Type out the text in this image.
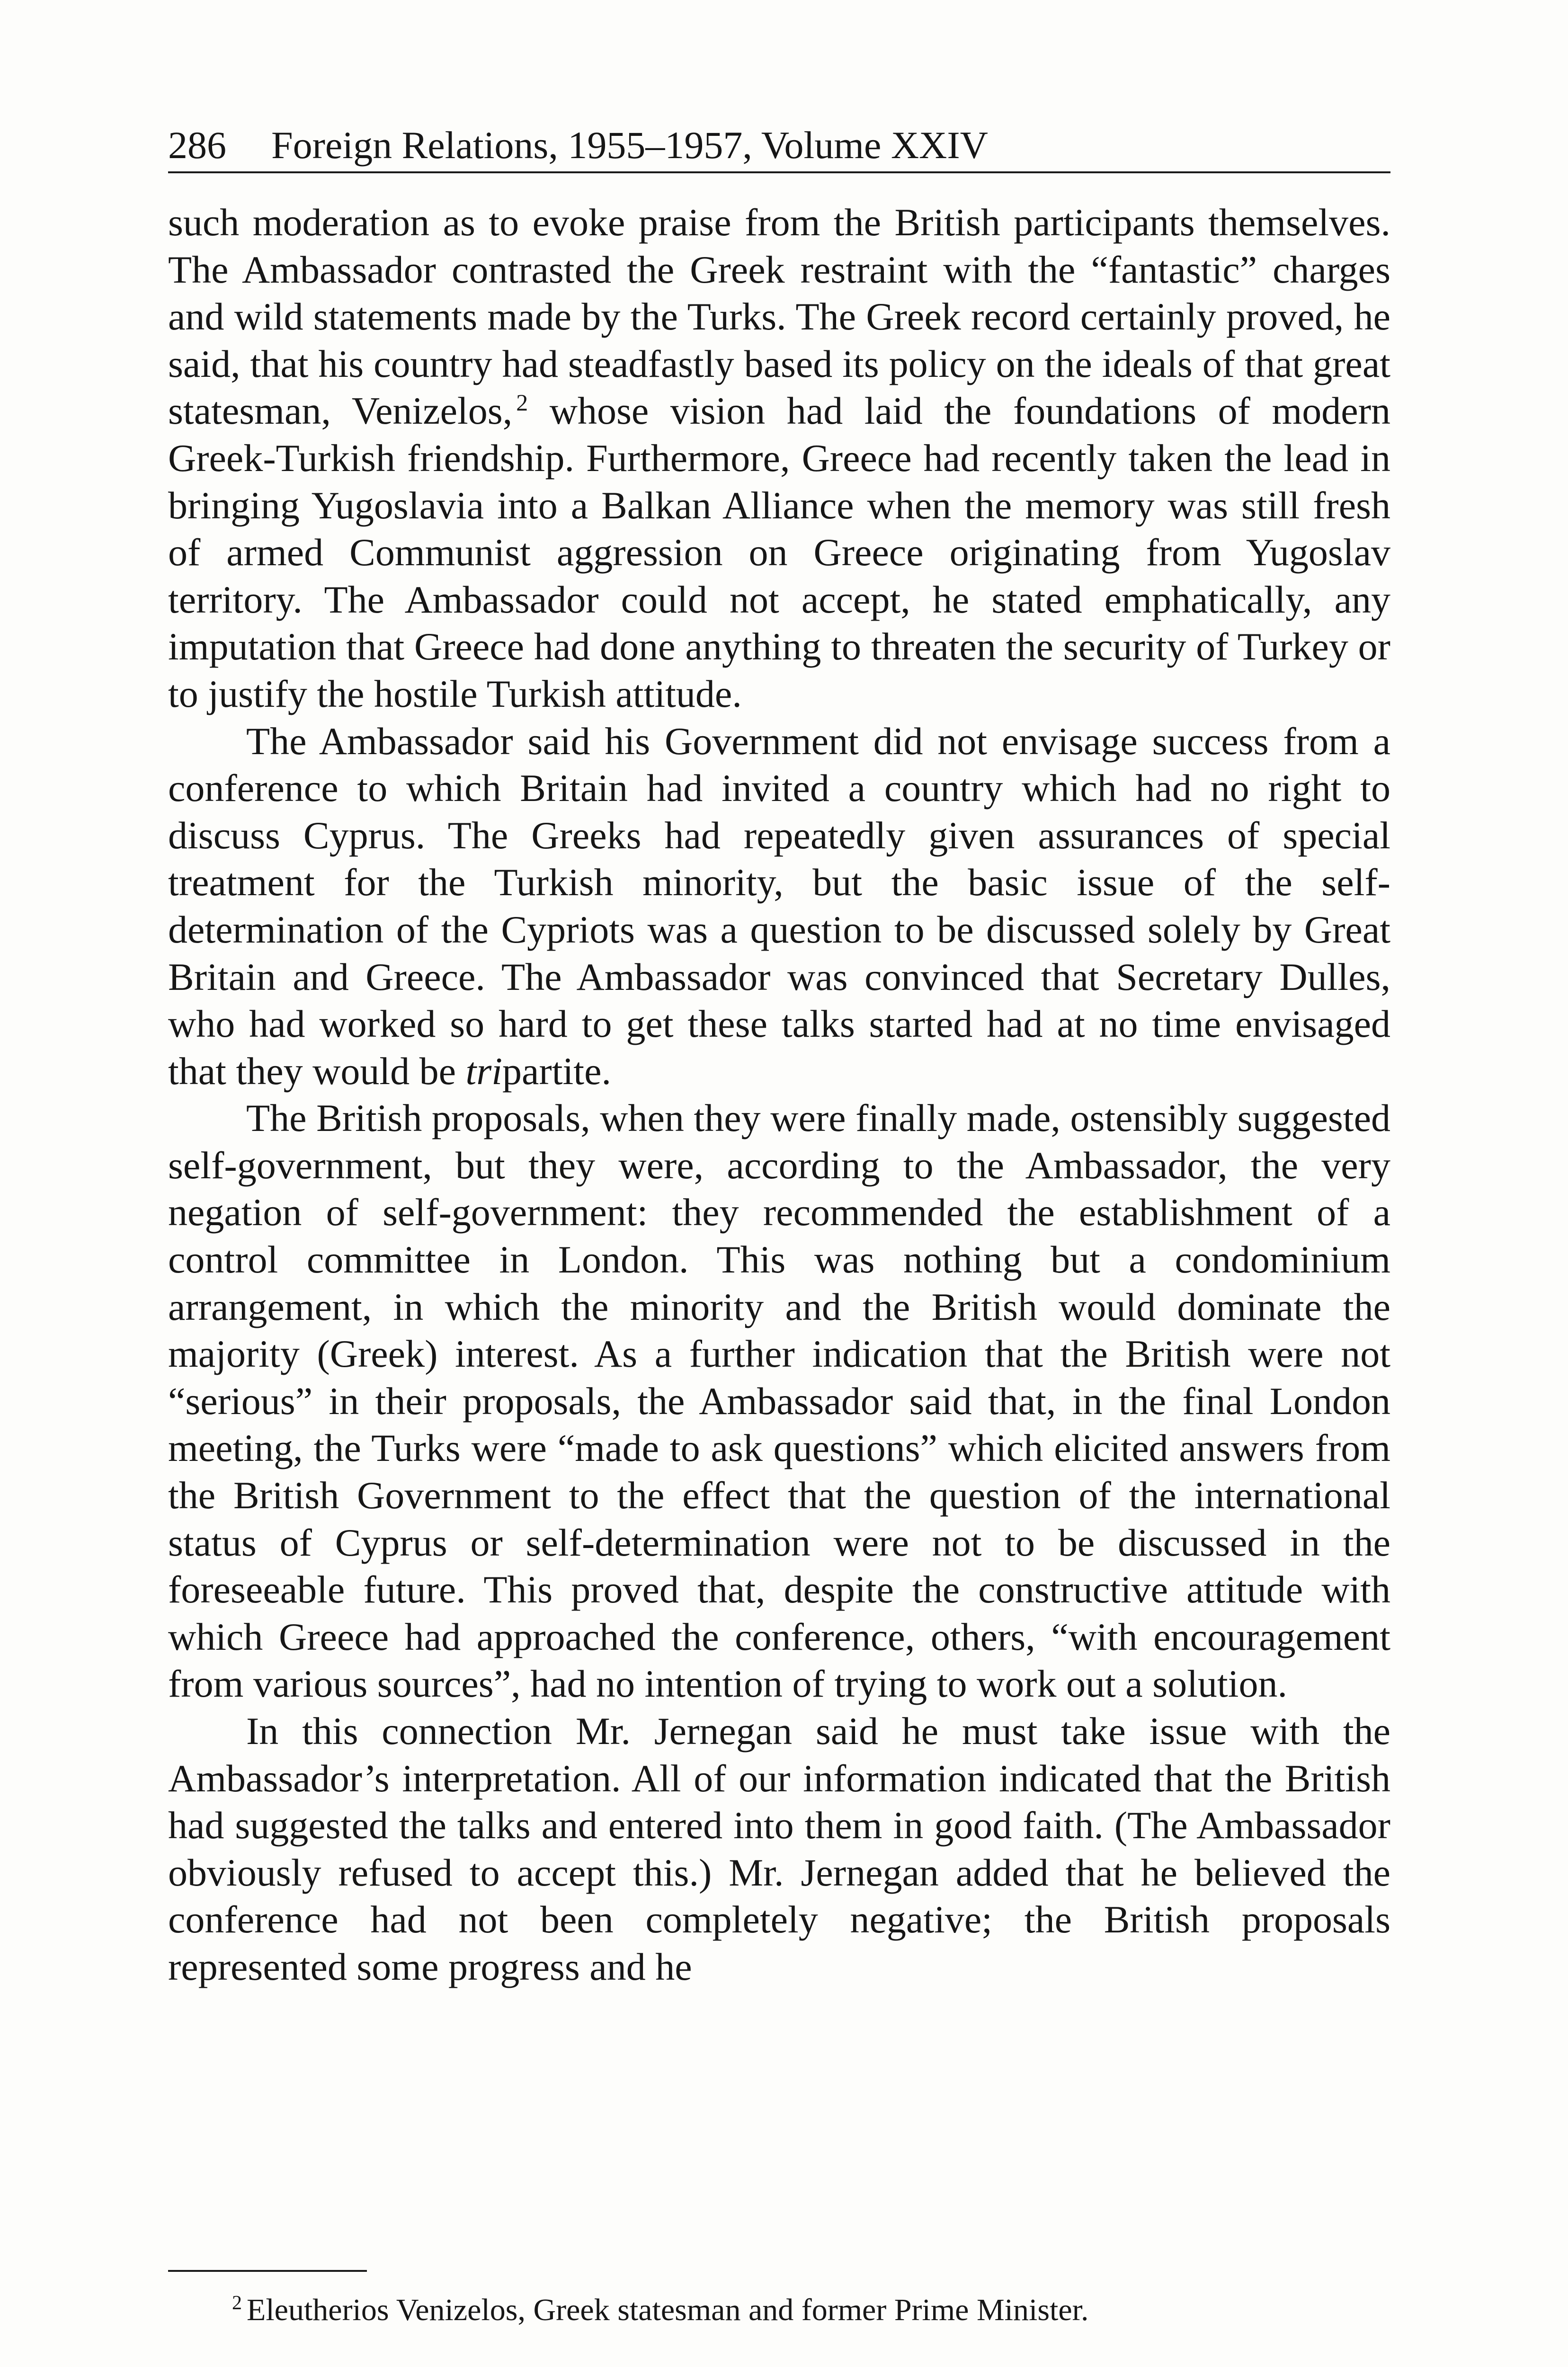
286 Foreign Relations, 1955–1957, Volume XXIV

such moderation as to evoke praise from the British participants themselves. The Ambassador contrasted the Greek restraint with the “fantastic” charges and wild statements made by the Turks. The Greek record certainly proved, he said, that his country had steadfastly based its policy on the ideals of that great statesman, Venizelos, $^2$ whose vision had laid the foundations of modern Greek-Turkish friendship. Furthermore, Greece had recently taken the lead in bringing Yugoslavia into a Balkan Alliance when the memory was still fresh of armed Communist aggression on Greece originating from Yugoslav territory. The Ambassador could not accept, he stated emphatically, any imputation that Greece had done anything to threaten the security of Turkey or to justify the hostile Turkish attitude.

The Ambassador said his Government did not envisage success from a conference to which Britain had invited a country which had no right to discuss Cyprus. The Greeks had repeatedly given assurances of special treatment for the Turkish minority, but the basic issue of the self-determination of the Cypriots was a question to be discussed solely by Great Britain and Greece. The Ambassador was convinced that Secretary Dulles, who had worked so hard to get these talks started had at no time envisaged that they would be tripartite.

The British proposals, when they were finally made, ostensibly suggested self-government, but they were, according to the Ambassador, the very negation of self-government: they recommended the establishment of a control committee in London. This was nothing but a condominium arrangement, in which the minority and the British would dominate the majority (Greek) interest. As a further indication that the British were not “serious” in their proposals, the Ambassador said that, in the final London meeting, the Turks were “made to ask questions” which elicited answers from the British Government to the effect that the question of the international status of Cyprus or self-determination were not to be discussed in the foreseeable future. This proved that, despite the constructive attitude with which Greece had approached the conference, others, “with encouragement from various sources”, had no intention of trying to work out a solution.

In this connection Mr. Jernegan said he must take issue with the Ambassador’s interpretation. All of our information indicated that the British had suggested the talks and entered into them in good faith. (The Ambassador obviously refused to accept this.) Mr. Jernegan added that he believed the conference had not been completely negative; the British proposals represented some progress and he

$^2$ Eleutherios Venizelos, Greek statesman and former Prime Minister.
